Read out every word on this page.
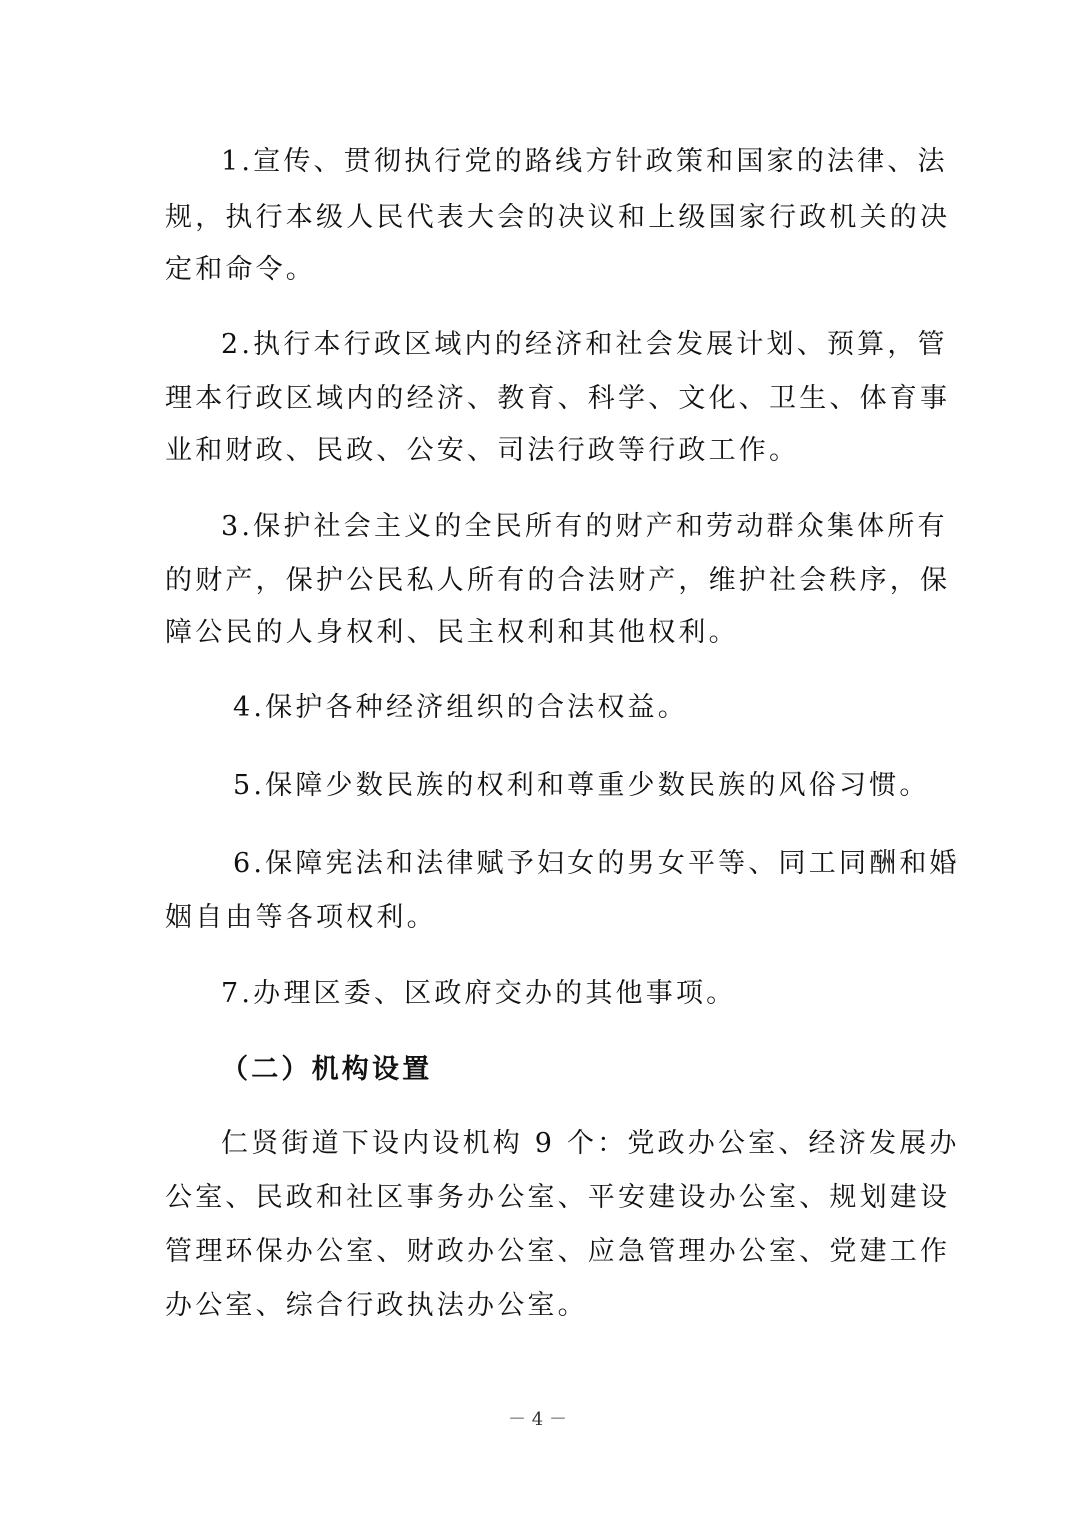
1.宣传、贯彻执行党的路线方针政策和国家的法律、法
规，执行本级人民代表大会的决议和上级国家行政机关的决
定和命令。
2.执行本行政区域内的经济和社会发展计划、预算，管
理本行政区域内的经济、教育、科学、文化、卫生、体育事
业和财政、民政、公安、司法行政等行政工作。
3.保护社会主义的全民所有的财产和劳动群众集体所有
的财产，保护公民私人所有的合法财产，维护社会秩序，保
障公民的人身权利、民主权利和其他权利。
4.保护各种经济组织的合法权益。
5.保障少数民族的权利和尊重少数民族的风俗习惯。
6.保障宪法和法律赋予妇女的男女平等、同工同酬和婚
姻自由等各项权利。
7.办理区委、区政府交办的其他事项。
（二）机构设置
仁贤街道下设内设机构 9 个：党政办公室、经济发展办
公室、民政和社区事务办公室、平安建设办公室、规划建设
管理环保办公室、财政办公室、应急管理办公室、党建工作
办公室、综合行政执法办公室。
－ 4 －
